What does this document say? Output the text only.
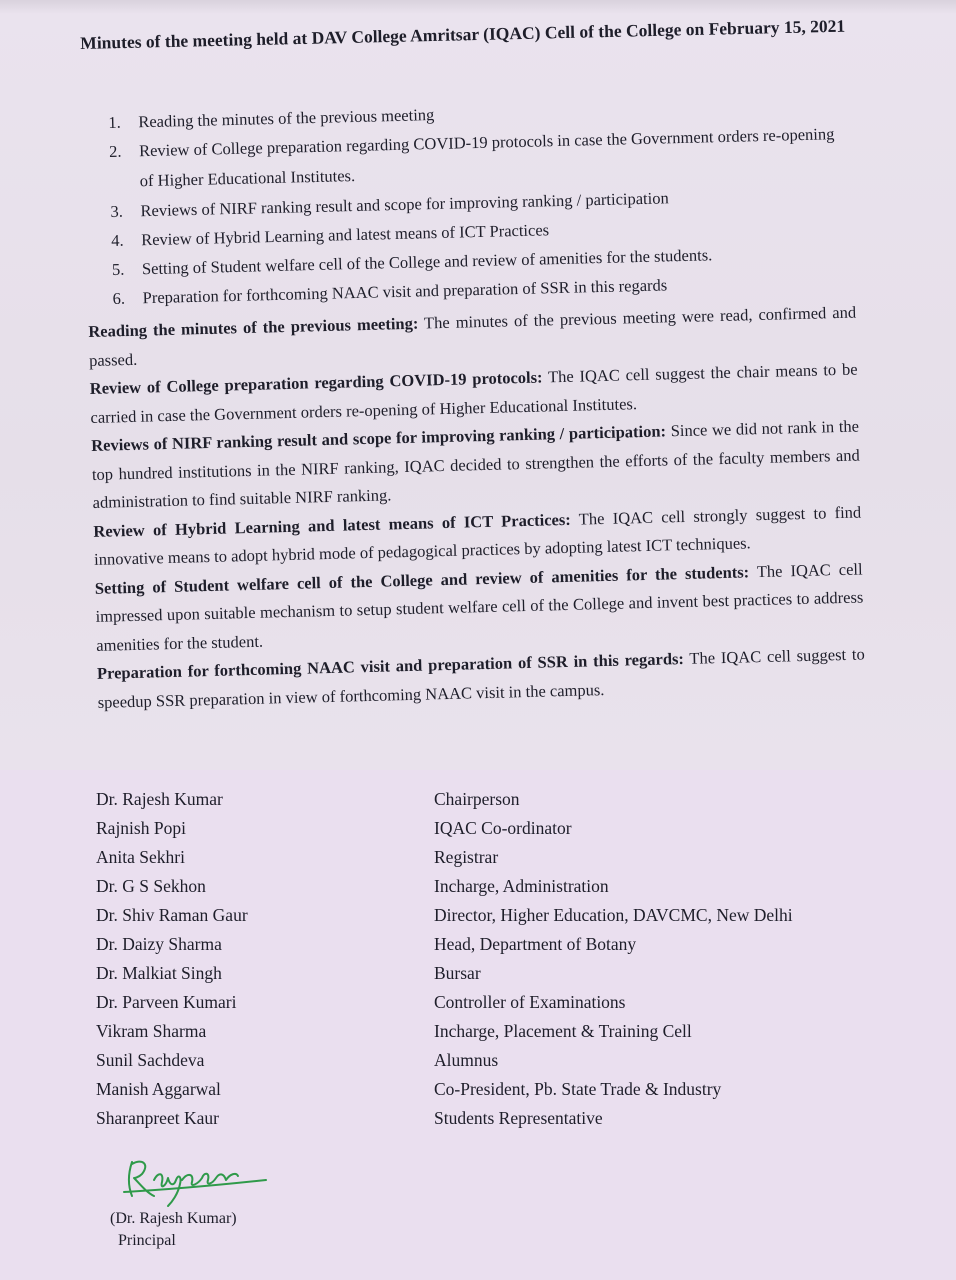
Minutes of the meeting held at DAV College Amritsar (IQAC) Cell of the College on February 15, 2021
1.	Reading the minutes of the previous meeting
2.	Review of College preparation regarding COVID-19 protocols in case the Government orders re-opening of Higher Educational Institutes.
3.	Reviews of NIRF ranking result and scope for improving ranking / participation
4.	Review of Hybrid Learning and latest means of ICT Practices
5.	Setting of Student welfare cell of the College and review of amenities for the students.
6.	Preparation for forthcoming NAAC visit and preparation of SSR in this regards

Reading the minutes of the previous meeting: The minutes of the previous meeting were read, confirmed and passed.

Review of College preparation regarding COVID-19 protocols: The IQAC cell suggest the chair means to be carried in case the Government orders re-opening of Higher Educational Institutes.

Reviews of NIRF ranking result and scope for improving ranking / participation: Since we did not rank in the top hundred institutions in the NIRF ranking, IQAC decided to strengthen the efforts of the faculty members and administration to find suitable NIRF ranking.

Review of Hybrid Learning and latest means of ICT Practices: The IQAC cell strongly suggest to find innovative means to adopt hybrid mode of pedagogical practices by adopting latest ICT techniques.

Setting of Student welfare cell of the College and review of amenities for the students: The IQAC cell impressed upon suitable mechanism to setup student welfare cell of the College and invent best practices to address amenities for the student.

Preparation for forthcoming NAAC visit and preparation of SSR in this regards: The IQAC cell suggest to speedup SSR preparation in view of forthcoming NAAC visit in the campus.

Dr. Rajesh Kumar	Chairperson
Rajnish Popi	IQAC Co-ordinator
Anita Sekhri	Registrar
Dr. G S Sekhon	Incharge, Administration
Dr. Shiv Raman Gaur	Director, Higher Education, DAVCMC, New Delhi
Dr. Daizy Sharma	Head, Department of Botany
Dr. Malkiat Singh	Bursar
Dr. Parveen Kumari	Controller of Examinations
Vikram Sharma	Incharge, Placement & Training Cell
Sunil Sachdeva	Alumnus
Manish Aggarwal	Co-President, Pb. State Trade & Industry
Sharanpreet Kaur	Students Representative
(Dr. Rajesh Kumar)
Principal
